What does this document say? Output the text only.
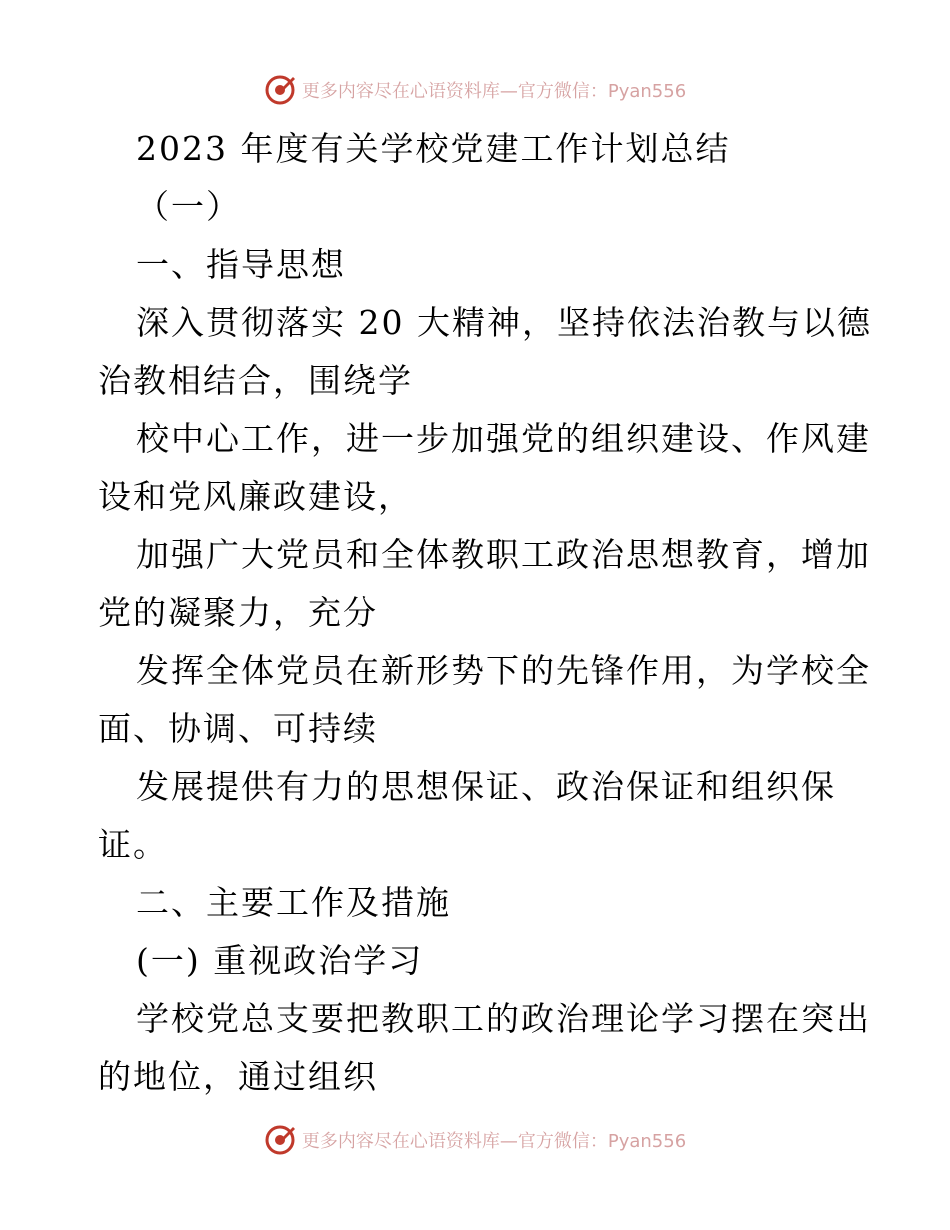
更多内容尽在心语资料库—官方微信：Pyan556
2023 年度有关学校党建工作计划总结
（一）
一、指导思想
深入贯彻落实 20 大精神，坚持依法治教与以德
治教相结合，围绕学
校中心工作，进一步加强党的组织建设、作风建
设和党风廉政建设，
加强广大党员和全体教职工政治思想教育，增加
党的凝聚力，充分
发挥全体党员在新形势下的先锋作用，为学校全
面、协调、可持续
发展提供有力的思想保证、政治保证和组织保
证。
二、主要工作及措施
(一) 重视政治学习
学校党总支要把教职工的政治理论学习摆在突出
的地位，通过组织
更多内容尽在心语资料库—官方微信：Pyan556
